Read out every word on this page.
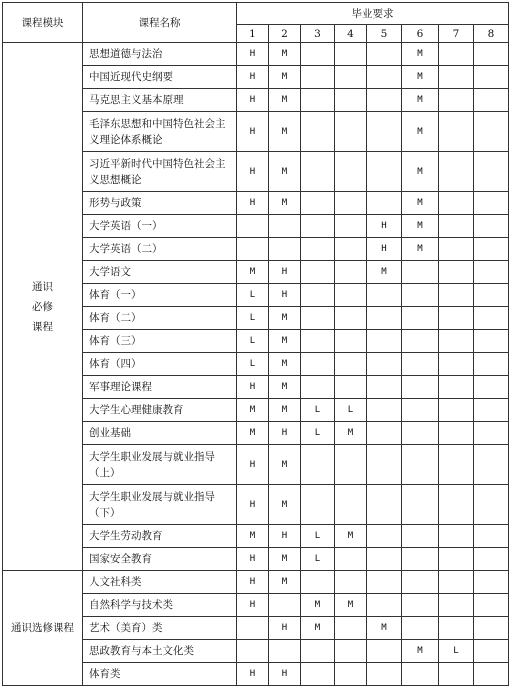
课程模块	课程名称	毕业要求							
		1	2	3	4	5	6	7	8

通识
必修
课程	思想道德与法治	H	M				M		

	中国近现代史纲要	H	M				M		

	马克思主义基本原理	H	M				M		

	毛泽东思想和中国特色社会主
义理论体系概论	H	M				M		

	习近平新时代中国特色社会主
义思想概论	H	M				M		

	形势与政策	H	M				M		

	大学英语（一）					H	M		

	大学英语（二）					H	M		

	大学语文	M	H			M			

	体育（一）	L	H						

	体育（二）	L	M						

	体育（三）	L	M						

	体育（四）	L	M						

	军事理论课程	H	M						

	大学生心理健康教育	M	M	L	L				

	创业基础	M	H	L	M				

	大学生职业发展与就业指导
（上）	H	M						

	大学生职业发展与就业指导
（下）	H	M						

	大学生劳动教育	M	H	L	M				

	国家安全教育	H	M	L					

通识选修课程	人文社科类	H	M						

	自然科学与技术类	H		M	M				

	艺术（美育）类		H	M		M			

	思政教育与本土文化类						M	L	

	体育类	H	H						
